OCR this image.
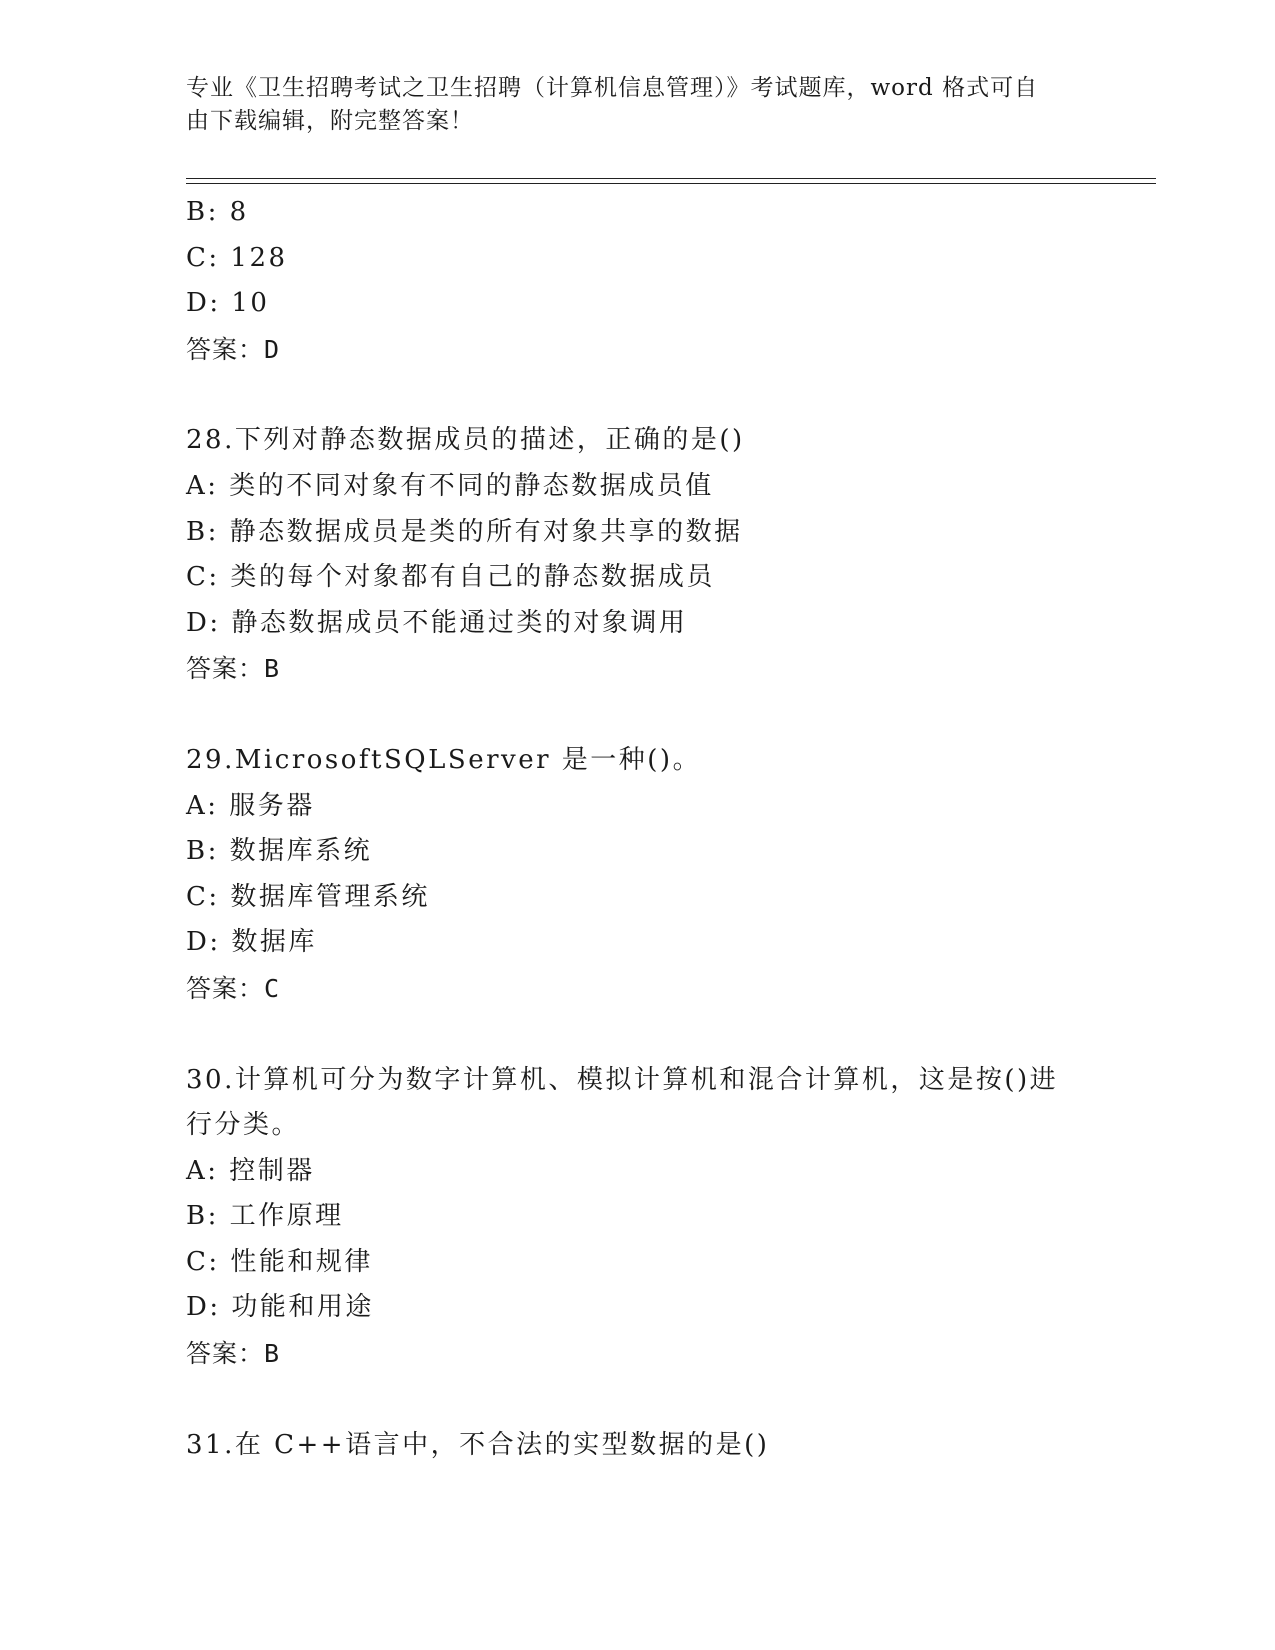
专业《卫生招聘考试之卫生招聘（计算机信息管理）》考试题库，word 格式可自
由下载编辑，附完整答案！
B: 8
C: 128
D: 10
答案：D
28.下列对静态数据成员的描述，正确的是()
A: 类的不同对象有不同的静态数据成员值
B: 静态数据成员是类的所有对象共享的数据
C: 类的每个对象都有自己的静态数据成员
D: 静态数据成员不能通过类的对象调用
答案：B
29.MicrosoftSQLServer 是一种()。
A: 服务器
B: 数据库系统
C: 数据库管理系统
D: 数据库
答案：C
30.计算机可分为数字计算机、模拟计算机和混合计算机，这是按()进
行分类。
A: 控制器
B: 工作原理
C: 性能和规律
D: 功能和用途
答案：B
31.在 C++语言中，不合法的实型数据的是()
